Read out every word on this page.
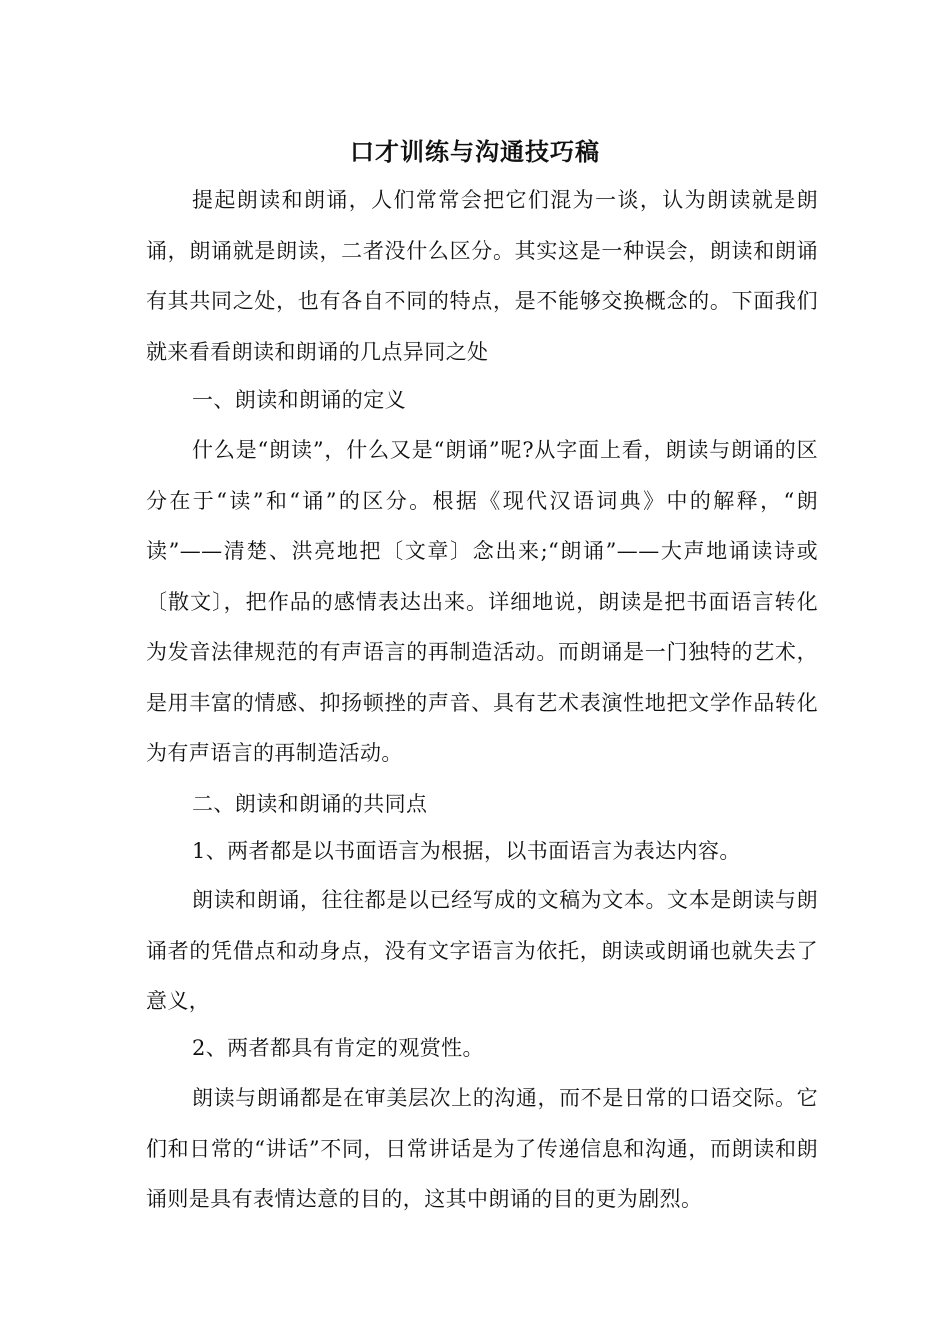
口才训练与沟通技巧稿

提起朗读和朗诵，人们常常会把它们混为一谈，认为朗读就是朗诵，朗诵就是朗读，二者没什么区分。其实这是一种误会，朗读和朗诵有其共同之处，也有各自不同的特点，是不能够交换概念的。下面我们就来看看朗读和朗诵的几点异同之处

一、朗读和朗诵的定义

什么是“朗读”，什么又是“朗诵”呢?从字面上看，朗读与朗诵的区分在于“读”和“诵”的区分。根据《现代汉语词典》中的解释，“朗读”——清楚、洪亮地把〔文章〕念出来;“朗诵”——大声地诵读诗或〔散文〕，把作品的感情表达出来。详细地说，朗读是把书面语言转化为发音法律规范的有声语言的再制造活动。而朗诵是一门独特的艺术，是用丰富的情感、抑扬顿挫的声音、具有艺术表演性地把文学作品转化为有声语言的再制造活动。

二、朗读和朗诵的共同点

1、两者都是以书面语言为根据，以书面语言为表达内容。

朗读和朗诵，往往都是以已经写成的文稿为文本。文本是朗读与朗诵者的凭借点和动身点，没有文字语言为依托，朗读或朗诵也就失去了意义，

2、两者都具有肯定的观赏性。

朗读与朗诵都是在审美层次上的沟通，而不是日常的口语交际。它们和日常的“讲话”不同，日常讲话是为了传递信息和沟通，而朗读和朗诵则是具有表情达意的目的，这其中朗诵的目的更为剧烈。
